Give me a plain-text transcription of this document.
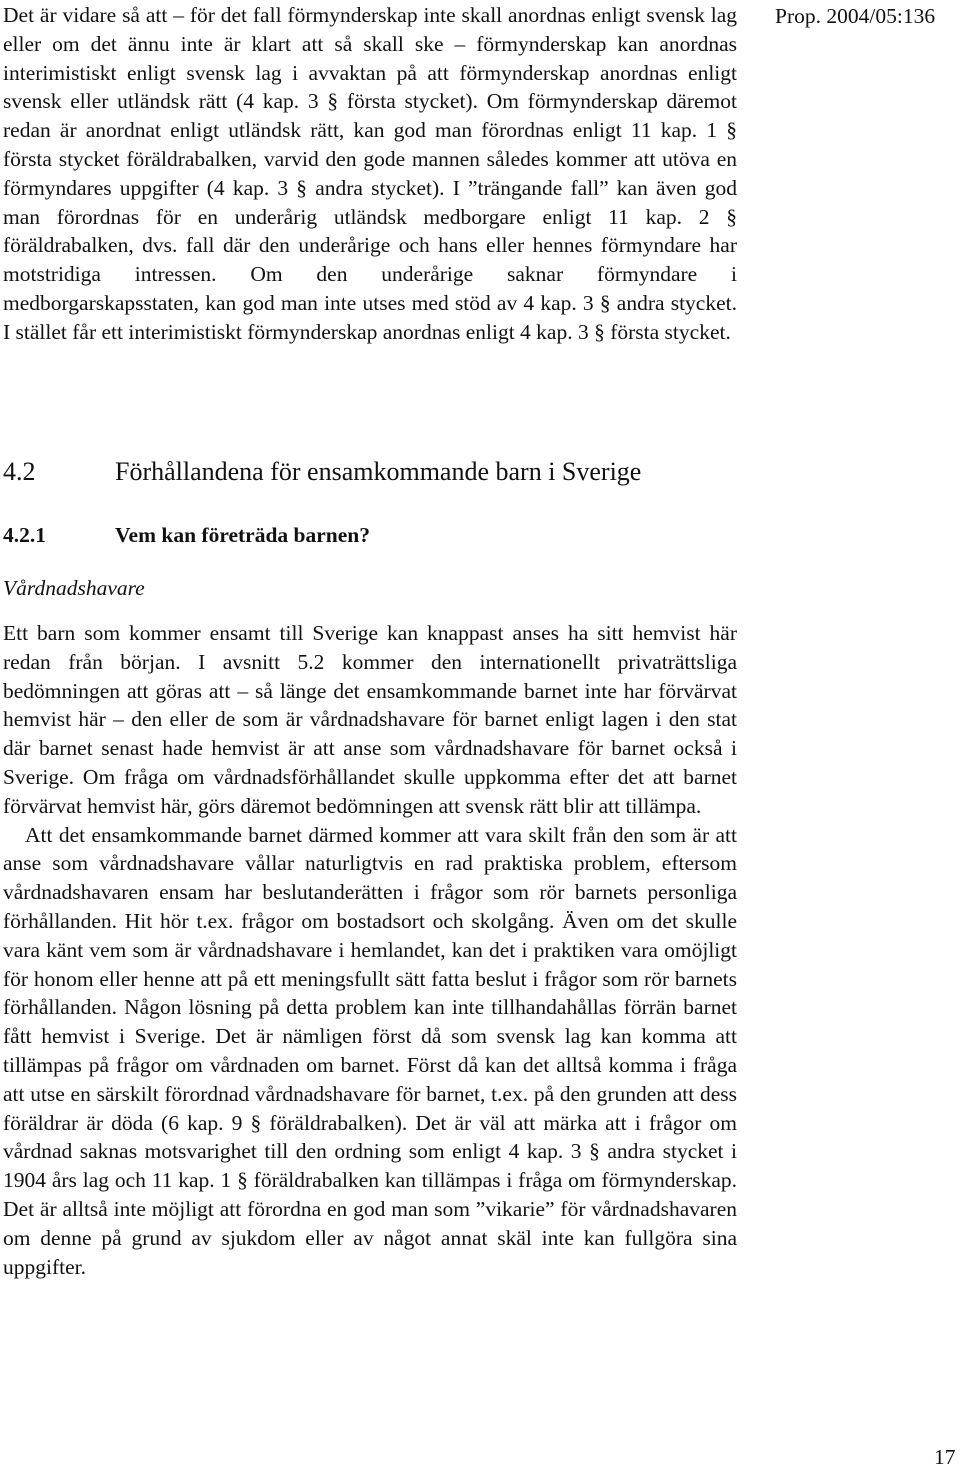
Prop. 2004/05:136

Det är vidare så att – för det fall förmynderskap inte skall anordnas enligt svensk lag eller om det ännu inte är klart att så skall ske – förmynderskap kan anordnas interimistiskt enligt svensk lag i avvaktan på att förmynderskap anordnas enligt svensk eller utländsk rätt (4 kap. 3 § första stycket). Om förmynderskap däremot redan är anordnat enligt utländsk rätt, kan god man förordnas enligt 11 kap. 1 § första stycket föräldrabalken, varvid den gode mannen således kommer att utöva en förmyndares uppgifter (4 kap. 3 § andra stycket). I ”trängande fall” kan även god man förordnas för en underårig utländsk medborgare enligt 11 kap. 2 § föräldrabalken, dvs. fall där den underårige och hans eller hennes förmyndare har motstridiga intressen. Om den underårige saknar förmyndare i medborgarskapsstaten, kan god man inte utses med stöd av 4 kap. 3 § andra stycket. I stället får ett interimistiskt förmynderskap anordnas enligt 4 kap. 3 § första stycket.

4.2	Förhållandena för ensamkommande barn i Sverige
4.2.1	Vem kan företräda barnen?
Vårdnadshavare

Ett barn som kommer ensamt till Sverige kan knappast anses ha sitt hemvist här redan från början. I avsnitt 5.2 kommer den internationellt privaträttsliga bedömningen att göras att – så länge det ensamkommande barnet inte har förvärvat hemvist här – den eller de som är vårdnadshavare för barnet enligt lagen i den stat där barnet senast hade hemvist är att anse som vårdnadshavare för barnet också i Sverige. Om fråga om vårdnadsförhållandet skulle uppkomma efter det att barnet förvärvat hemvist här, görs däremot bedömningen att svensk rätt blir att tillämpa.

Att det ensamkommande barnet därmed kommer att vara skilt från den som är att anse som vårdnadshavare vållar naturligtvis en rad praktiska problem, eftersom vårdnadshavaren ensam har beslutanderätten i frågor som rör barnets personliga förhållanden. Hit hör t.ex. frågor om bostadsort och skolgång. Även om det skulle vara känt vem som är vårdnadshavare i hemlandet, kan det i praktiken vara omöjligt för honom eller henne att på ett meningsfullt sätt fatta beslut i frågor som rör barnets förhållanden. Någon lösning på detta problem kan inte tillhandahållas förrän barnet fått hemvist i Sverige. Det är nämligen först då som svensk lag kan komma att tillämpas på frågor om vårdnaden om barnet. Först då kan det alltså komma i fråga att utse en särskilt förordnad vårdnadshavare för barnet, t.ex. på den grunden att dess föräldrar är döda (6 kap. 9 § föräldrabalken). Det är väl att märka att i frågor om vårdnad saknas motsvarighet till den ordning som enligt 4 kap. 3 § andra stycket i 1904 års lag och 11 kap. 1 § föräldrabalken kan tillämpas i fråga om förmynderskap. Det är alltså inte möjligt att förordna en god man som ”vikarie” för vårdnadshavaren om denne på grund av sjukdom eller av något annat skäl inte kan fullgöra sina uppgifter.

17
